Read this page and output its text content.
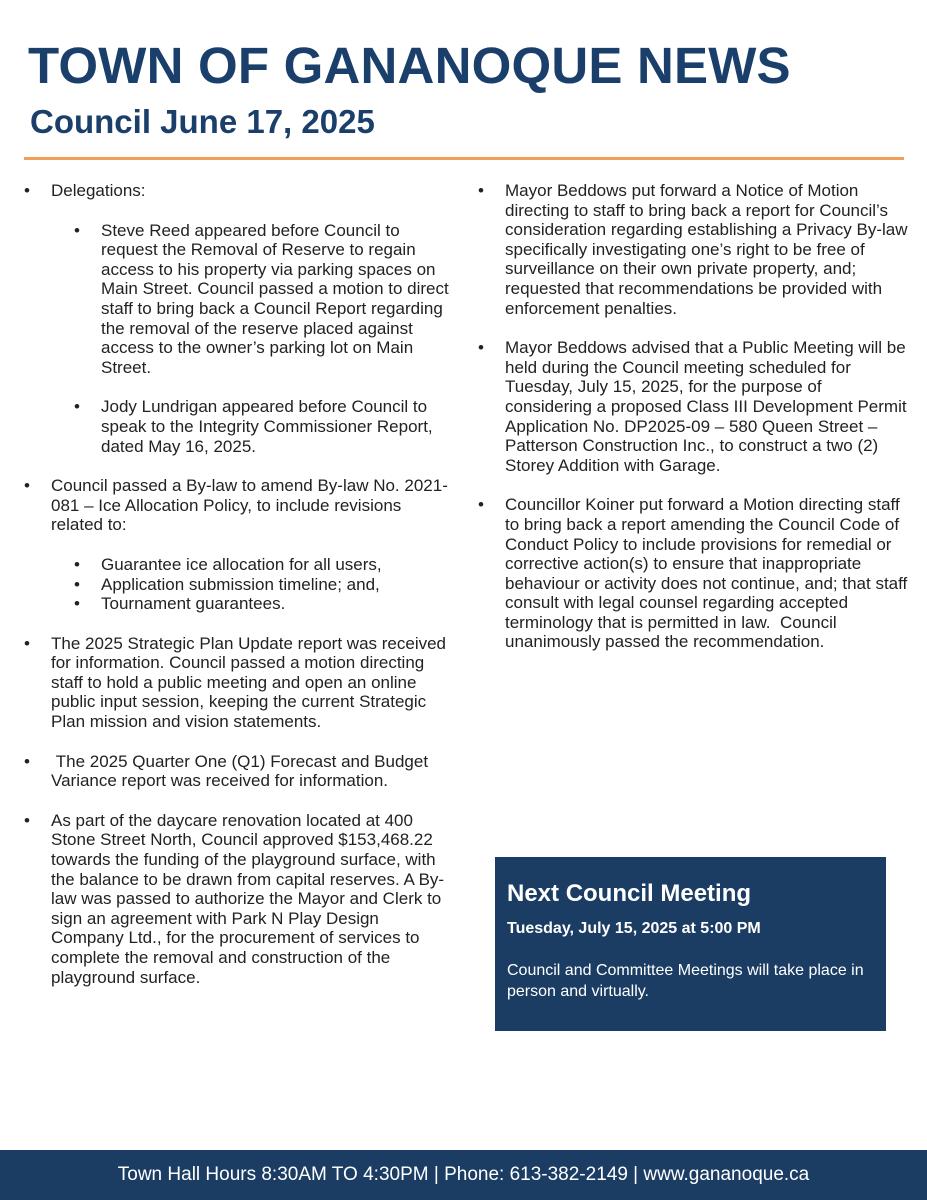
TOWN OF GANANOQUE NEWS
Council June 17, 2025
• Delegations:
• Steve Reed appeared before Council to request the Removal of Reserve to regain access to his property via parking spaces on Main Street. Council passed a motion to direct staff to bring back a Council Report regarding the removal of the reserve placed against access to the owner’s parking lot on Main Street.
• Jody Lundrigan appeared before Council to speak to the Integrity Commissioner Report, dated May 16, 2025.
• Council passed a By-law to amend By-law No. 2021-081 – Ice Allocation Policy, to include revisions related to:
• Guarantee ice allocation for all users,
• Application submission timeline; and,
• Tournament guarantees.
• The 2025 Strategic Plan Update report was received for information. Council passed a motion directing staff to hold a public meeting and open an online public input session, keeping the current Strategic Plan mission and vision statements.
• The 2025 Quarter One (Q1) Forecast and Budget Variance report was received for information.
• As part of the daycare renovation located at 400 Stone Street North, Council approved $153,468.22 towards the funding of the playground surface, with the balance to be drawn from capital reserves. A By-law was passed to authorize the Mayor and Clerk to sign an agreement with Park N Play Design Company Ltd., for the procurement of services to complete the removal and construction of the playground surface.
• Mayor Beddows put forward a Notice of Motion directing to staff to bring back a report for Council’s consideration regarding establishing a Privacy By-law specifically investigating one’s right to be free of surveillance on their own private property, and; requested that recommendations be provided with enforcement penalties.
• Mayor Beddows advised that a Public Meeting will be held during the Council meeting scheduled for Tuesday, July 15, 2025, for the purpose of considering a proposed Class III Development Permit Application No. DP2025-09 – 580 Queen Street – Patterson Construction Inc., to construct a two (2) Storey Addition with Garage.
• Councillor Koiner put forward a Motion directing staff to bring back a report amending the Council Code of Conduct Policy to include provisions for remedial or corrective action(s) to ensure that inappropriate behaviour or activity does not continue, and; that staff consult with legal counsel regarding accepted terminology that is permitted in law.  Council unanimously passed the recommendation.

Next Council Meeting

Tuesday, July 15, 2025 at 5:00 PM
Council and Committee Meetings will take place in person and virtually.
Town Hall Hours 8:30AM TO 4:30PM | Phone: 613-382-2149 | www.gananoque.ca
